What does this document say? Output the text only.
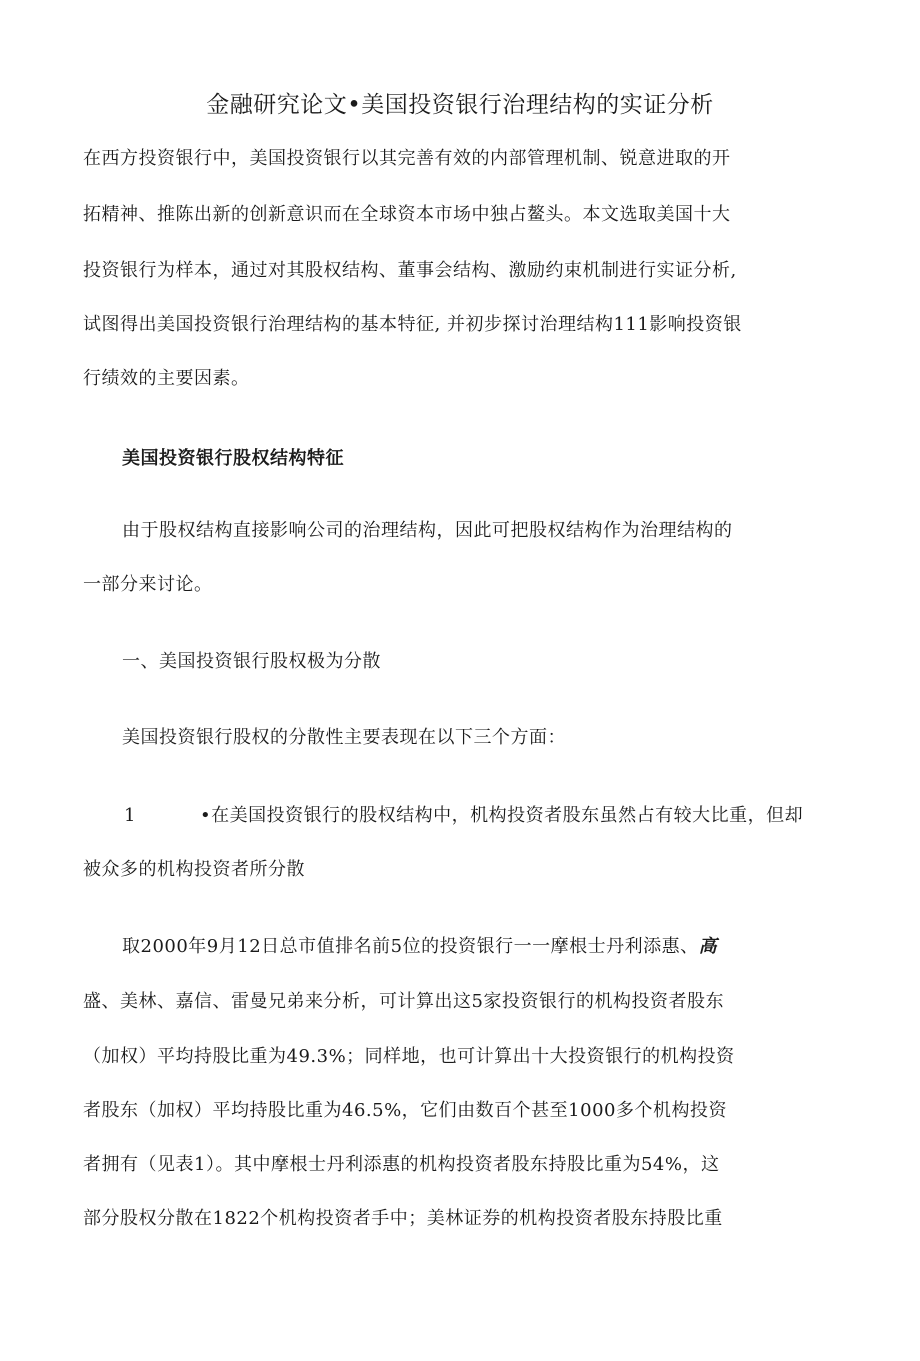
金融研究论文•美国投资银行治理结构的实证分析
在西方投资银行中，美国投资银行以其完善有效的内部管理机制、锐意进取的开
拓精神、推陈出新的创新意识而在全球资本市场中独占鳌头。本文选取美国十大
投资银行为样本，通过对其股权结构、董事会结构、激励约束机制进行实证分析,
试图得出美国投资银行治理结构的基本特征, 并初步探讨治理结构111影响投资银
行绩效的主要因素。
美国投资银行股权结构特征
由于股权结构直接影响公司的治理结构，因此可把股权结构作为治理结构的
一部分来讨论。
一、美国投资银行股权极为分散
美国投资银行股权的分散性主要表现在以下三个方面：
1	•在美国投资银行的股权结构中，机构投资者股东虽然占有较大比重，但却
被众多的机构投资者所分散
取2000年9月12日总市值排名前5位的投资银行一一摩根士丹利添惠、高
盛、美林、嘉信、雷曼兄弟来分析，可计算出这5家投资银行的机构投资者股东
（加权）平均持股比重为49.3%；同样地，也可计算出十大投资银行的机构投资
者股东（加权）平均持股比重为46.5%，它们由数百个甚至1000多个机构投资
者拥有（见表1）。其中摩根士丹利添惠的机构投资者股东持股比重为54%，这
部分股权分散在1822个机构投资者手中；美林证券的机构投资者股东持股比重
